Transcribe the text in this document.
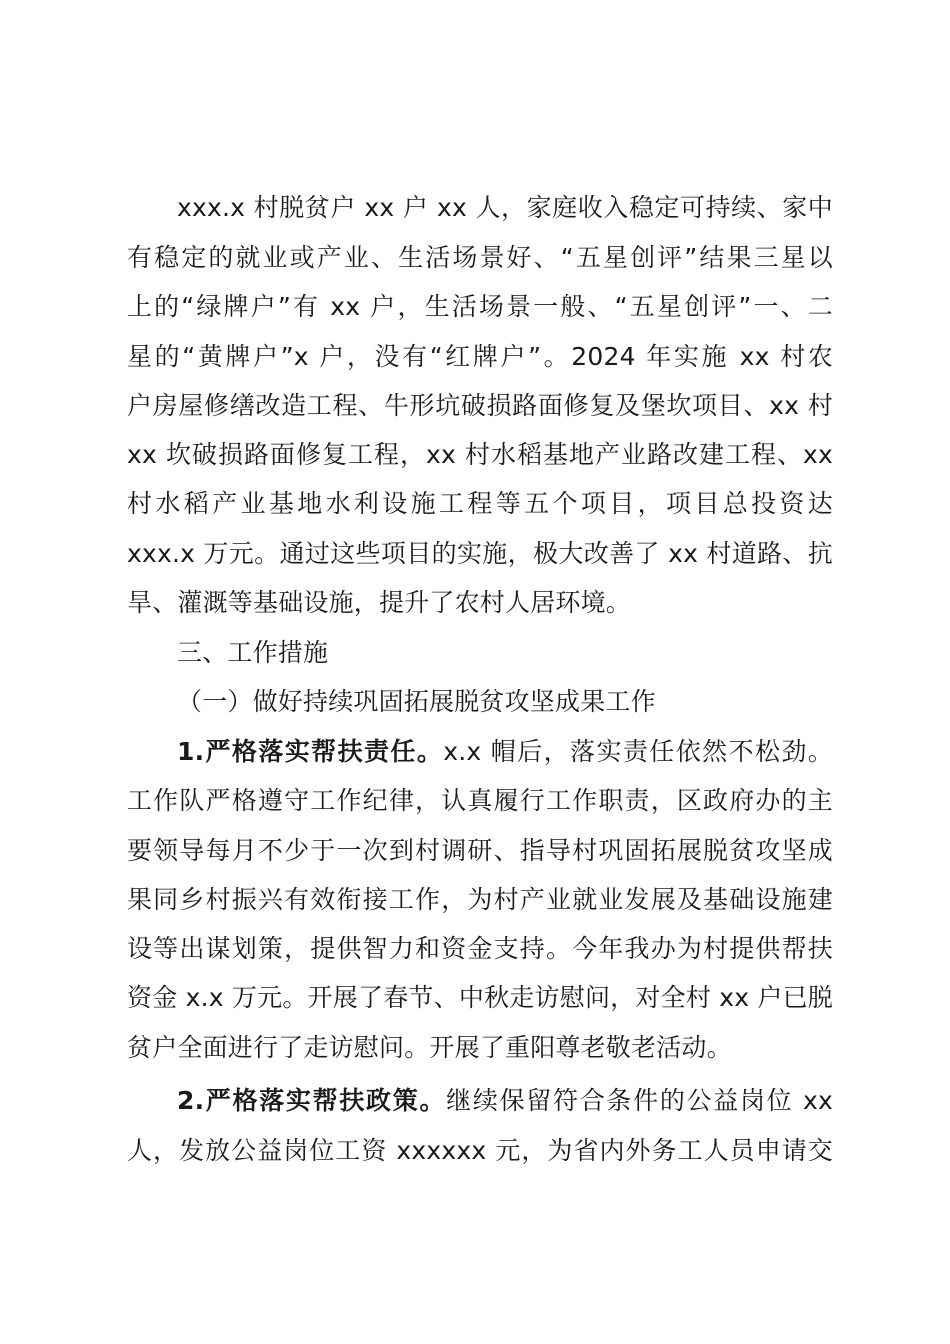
xxx.x 村脱贫户 xx 户 xx 人，家庭收入稳定可持续、家中
有稳定的就业或产业、生活场景好、“五星创评”结果三星以
上的“绿牌户”有 xx 户，生活场景一般、“五星创评”一、二
星的“黄牌户”x 户，没有“红牌户”。2024 年实施 xx 村农
户房屋修缮改造工程、牛形坑破损路面修复及堡坎项目、xx 村
xx 坎破损路面修复工程，xx 村水稻基地产业路改建工程、xx
村水稻产业基地水利设施工程等五个项目，项目总投资达
xxx.x 万元。通过这些项目的实施，极大改善了 xx 村道路、抗
旱、灌溉等基础设施，提升了农村人居环境。
三、工作措施
（一）做好持续巩固拓展脱贫攻坚成果工作
1.严格落实帮扶责任。x.x 帽后，落实责任依然不松劲。
工作队严格遵守工作纪律，认真履行工作职责，区政府办的主
要领导每月不少于一次到村调研、指导村巩固拓展脱贫攻坚成
果同乡村振兴有效衔接工作，为村产业就业发展及基础设施建
设等出谋划策，提供智力和资金支持。今年我办为村提供帮扶
资金 x.x 万元。开展了春节、中秋走访慰问，对全村 xx 户已脱
贫户全面进行了走访慰问。开展了重阳尊老敬老活动。
2.严格落实帮扶政策。继续保留符合条件的公益岗位 xx
人，发放公益岗位工资 xxxxxx 元，为省内外务工人员申请交
